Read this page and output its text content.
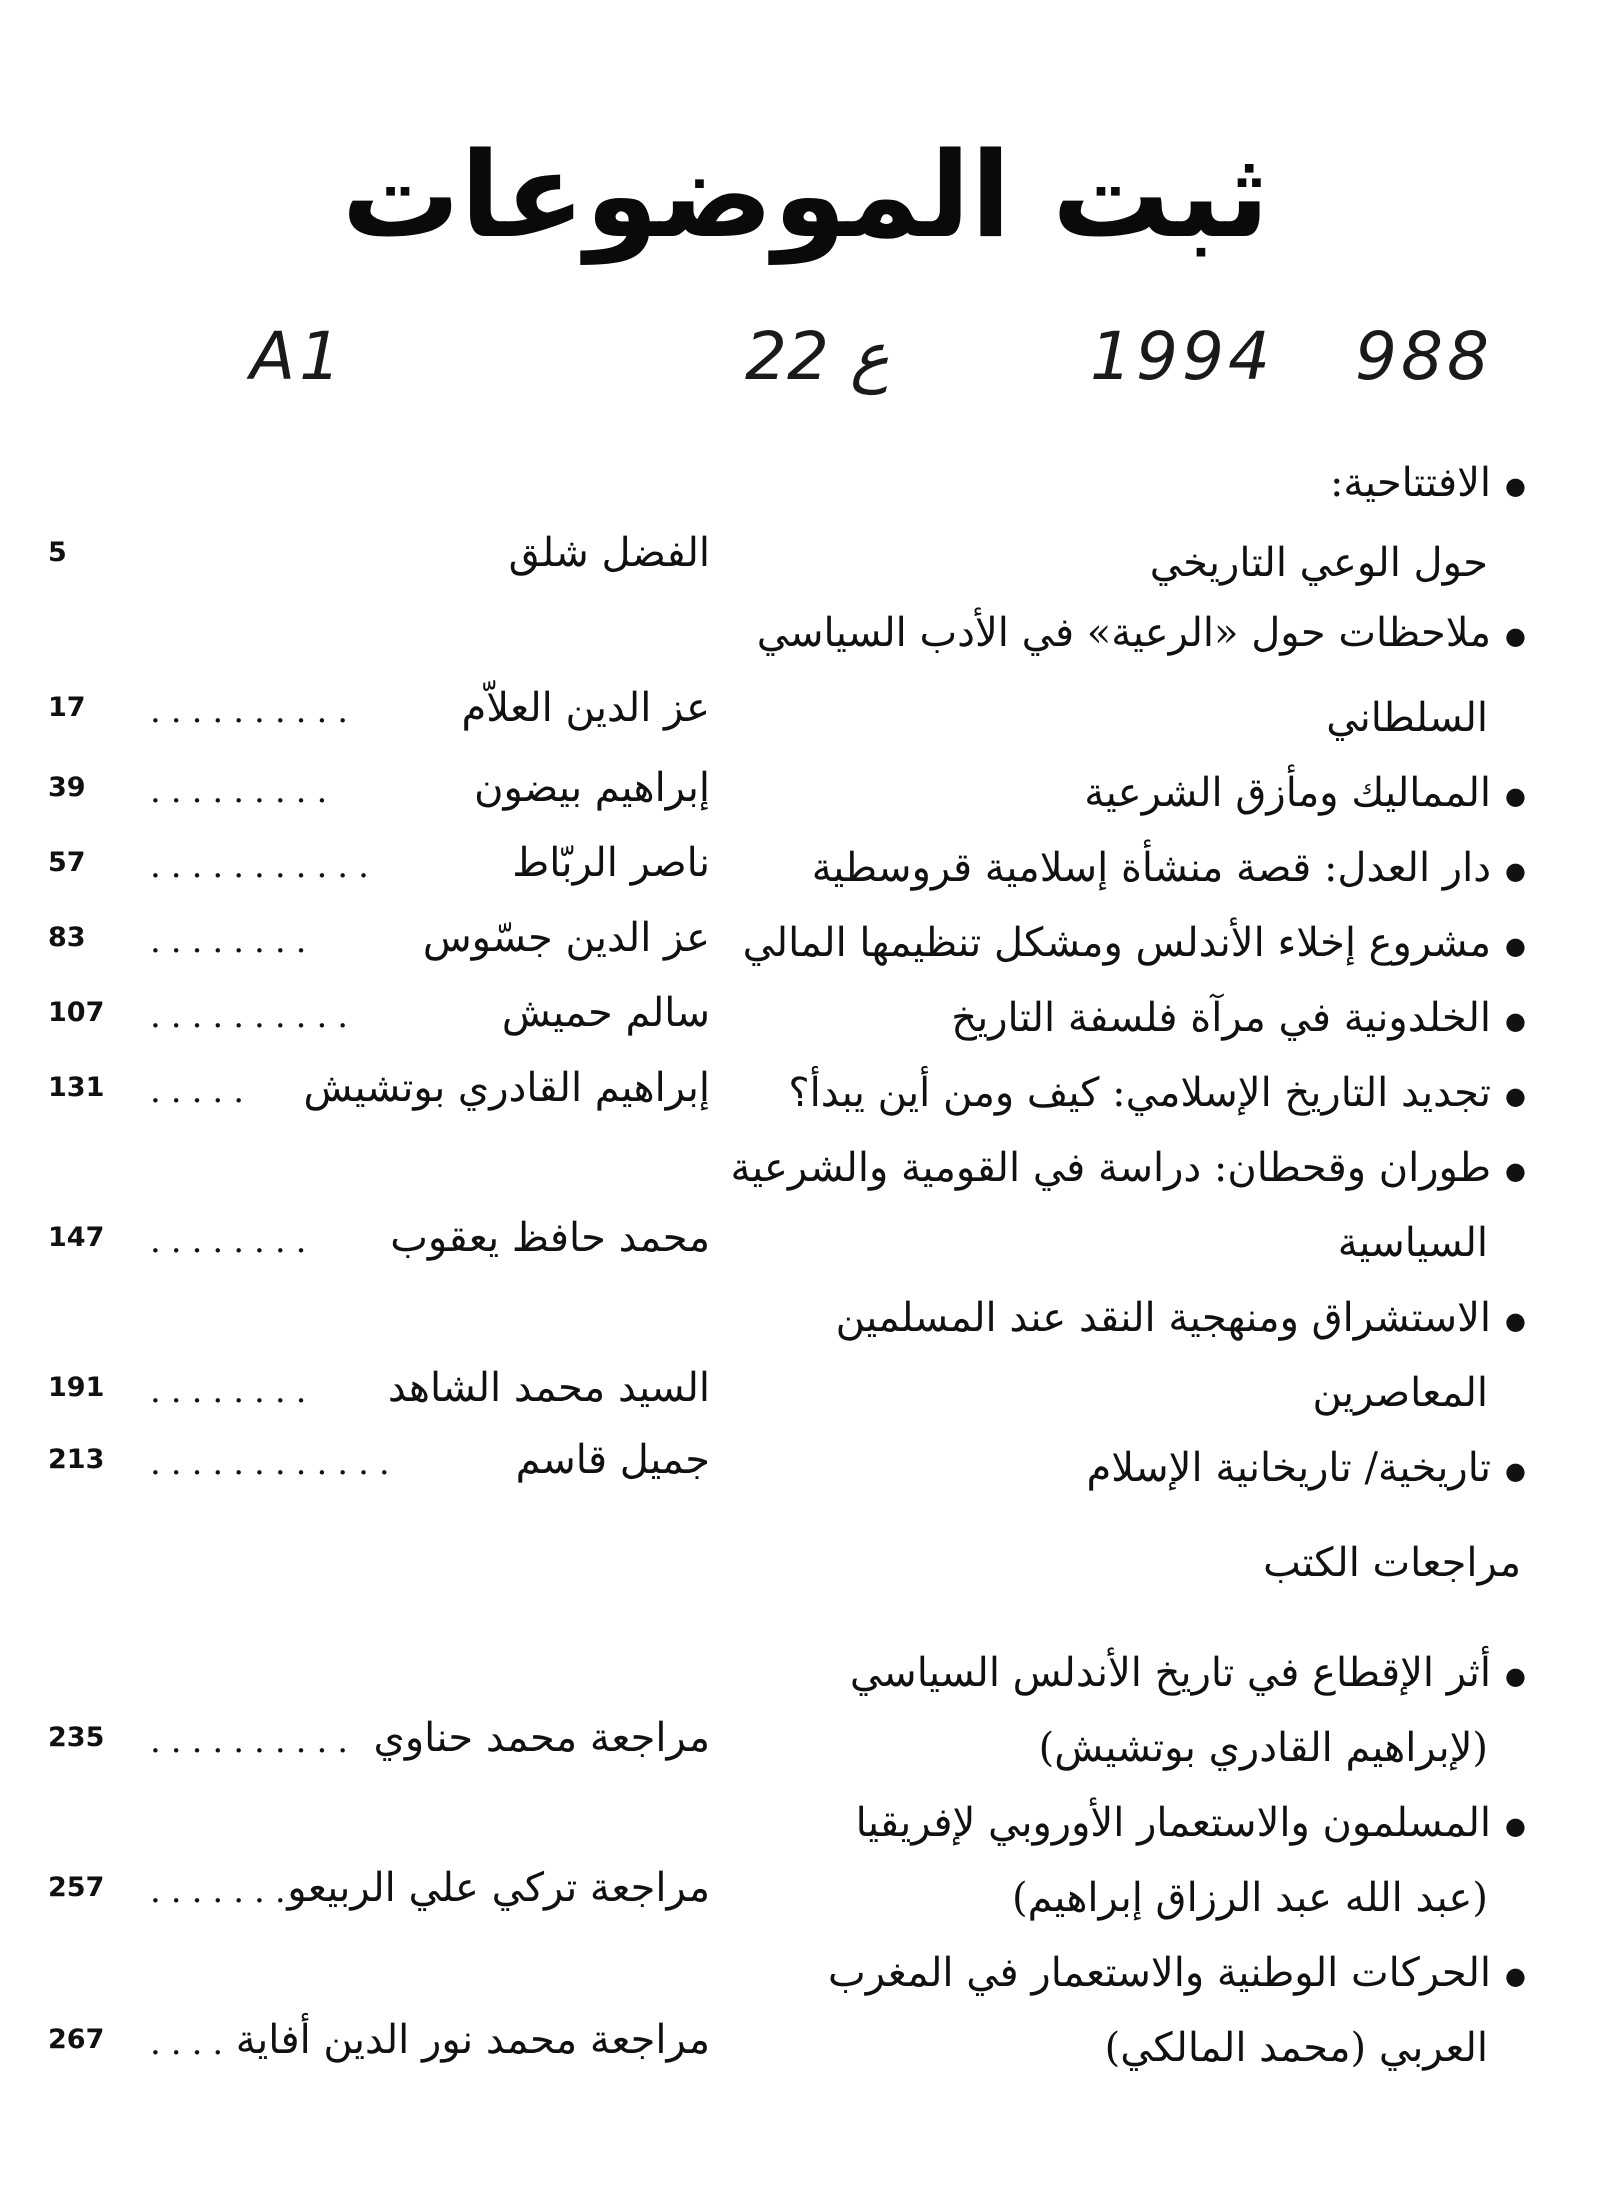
ثبت الموضوعات
A1	22 ع	1994 988
● الافتتاحية:
حول الوعي التاريخي
الفضل شلق
5
● ملاحظات حول «الرعية» في الأدب السياسي
السلطاني
عز الدين العلاّم
..........
17
● المماليك ومأزق الشرعية
إبراهيم بيضون
.........
39
● دار العدل: قصة منشأة إسلامية قروسطية
ناصر الربّاط
...........
57
● مشروع إخلاء الأندلس ومشكل تنظيمها المالي
عز الدين جسّوس
........
83
● الخلدونية في مرآة فلسفة التاريخ
سالم حميش
..........
107
● تجديد التاريخ الإسلامي: كيف ومن أين يبدأ؟
إبراهيم القادري بوتشيش
.....
131
● طوران وقحطان: دراسة في القومية والشرعية
السياسية
محمد حافظ يعقوب
........
147
● الاستشراق ومنهجية النقد عند المسلمين
المعاصرين
السيد محمد الشاهد
........
191
● تاريخية/ تاريخانية الإسلام
جميل قاسم
............
213
مراجعات الكتب
● أثر الإقطاع في تاريخ الأندلس السياسي
(لإبراهيم القادري بوتشيش)
مراجعة محمد حناوي
..........
235
● المسلمون والاستعمار الأوروبي لإفريقيا
(عبد الله عبد الرزاق إبراهيم)
مراجعة تركي علي الربيعو
.......
257
● الحركات الوطنية والاستعمار في المغرب
العربي (محمد المالكي)
مراجعة محمد نور الدين أفاية
....
267
